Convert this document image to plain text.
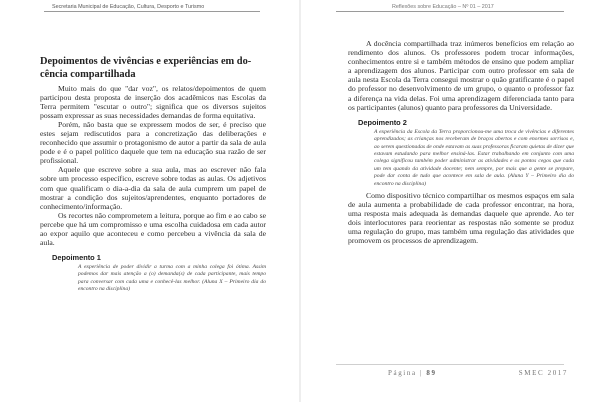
Secretaria Municipal de Educação, Cultura, Desporto e Turismo
Depoimentos de vivências e experiências em do-
cência compartilhada

Muito mais do que "dar voz", os relatos/depoimentos de quem participou desta proposta de inserção dos acadêmicos nas Escolas da Terra permitem "escutar o outro"; significa que os diversos sujeitos possam expressar as suas necessidades demandas de forma equitativa.

Porém, não basta que se expressem modos de ser, é preciso que estes sejam rediscutidos para a concretização das deliberações e reconhecido que assumir o protagonismo de autor a partir da sala de aula pode e é o papel político daquele que tem na educação sua razão de ser profissional.

Aquele que escreve sobre a sua aula, mas ao escrever não fala sobre um processo específico, escreve sobre todas as aulas. Os adjetivos com que qualificam o dia-a-dia da sala de aula cumprem um papel de mostrar a condição dos sujeitos/aprendentes, enquanto portadores de conhecimento/informação.

Os recortes não comprometem a leitura, porque ao fim e ao cabo se percebe que há um compromisso e uma escolha cuidadosa em cada autor ao expor aquilo que aconteceu e como percebeu a vivência da sala de aula.

Depoimento 1

A experiência de poder dividir a turma com a minha colega foi ótima. Assim podemos dar mais atenção a (o) demanda(s) de cada participante, mais tempo para conversar com cada uma e conhecê-las melhor. (Aluna X – Primeiro dia do encontro na disciplina)

Reflexões sobre Educação – Nº 01 – 2017

A docência compartilhada traz inúmeros benefícios em relação ao rendimento dos alunos. Os professores podem trocar informações, conhecimentos entre si e também métodos de ensino que podem ampliar a aprendizagem dos alunos. Participar com outro professor em sala de aula nesta Escola da Terra consegui mostrar o quão gratificante é o papel do professor no desenvolvimento de um grupo, o quanto o professor faz a diferença na vida delas. Foi uma aprendizagem diferenciada tanto para os participantes (alunos) quanto para professores da Universidade.

Depoimento 2

A experiência da Escola da Terra proporcionou-me uma troca de vivências e diferentes aprendizados; as crianças nos receberam de braços abertos e com enormes sorrisos e, ao serem questionadas de onde estavam as suas professoras ficaram quietas de dizer que estavam estudando para melhor ensiná-las. Estar trabalhando em conjunto com uma colega significou também poder administrar as atividades e os pontos cegos que cada um tem quando da atividade docente; nem sempre, por mais que a gente se prepare, pode dar conta de tudo que acontece em sala de aula. (Aluna Y – Primeiro dia do encontro na disciplina)

Como dispositivo técnico compartilhar os mesmos espaços em sala de aula aumenta a probabilidade de cada professor encontrar, na hora, uma resposta mais adequada às demandas daquele que aprende. Ao ter dois interlocutores para reorientar as respostas não somente se produz uma regulação do grupo, mas também uma regulação das atividades que promovem os processos de aprendizagem.

Página | 89	SMEC 2017
